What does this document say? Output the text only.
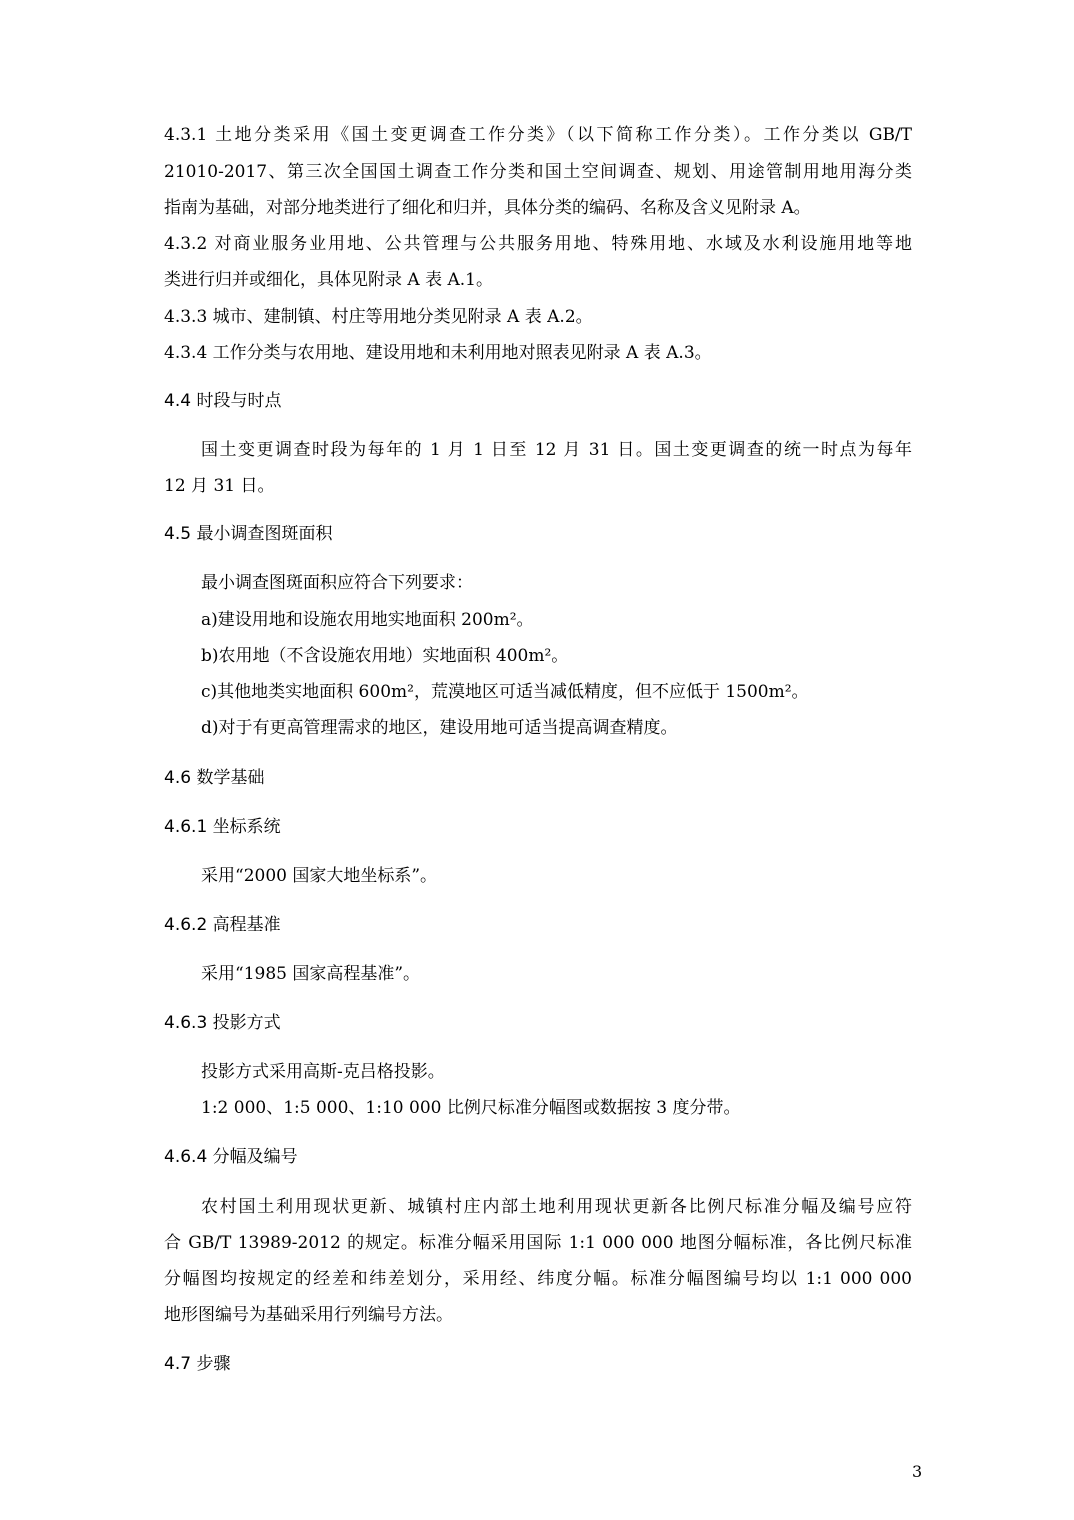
4.3.1 土地分类采用《国土变更调查工作分类》（以下简称工作分类）。工作分类以 GB/T
21010-2017、第三次全国国土调查工作分类和国土空间调查、规划、用途管制用地用海分类
指南为基础，对部分地类进行了细化和归并，具体分类的编码、名称及含义见附录 A。
4.3.2 对商业服务业用地、公共管理与公共服务用地、特殊用地、水域及水利设施用地等地
类进行归并或细化，具体见附录 A 表 A.1。
4.3.3 城市、建制镇、村庄等用地分类见附录 A 表 A.2。
4.3.4 工作分类与农用地、建设用地和未利用地对照表见附录 A 表 A.3。
4.4 时段与时点
国土变更调查时段为每年的 1 月 1 日至 12 月 31 日。国土变更调查的统一时点为每年
12 月 31 日。
4.5 最小调查图斑面积
最小调查图斑面积应符合下列要求：
a)建设用地和设施农用地实地面积 200m²。
b)农用地（不含设施农用地）实地面积 400m²。
c)其他地类实地面积 600m²，荒漠地区可适当减低精度，但不应低于 1500m²。
d)对于有更高管理需求的地区，建设用地可适当提高调查精度。
4.6 数学基础
4.6.1 坐标系统
采用“2000 国家大地坐标系”。
4.6.2 高程基准
采用“1985 国家高程基准”。
4.6.3 投影方式
投影方式采用高斯-克吕格投影。
1:2 000、1:5 000、1:10 000 比例尺标准分幅图或数据按 3 度分带。
4.6.4 分幅及编号
农村国土利用现状更新、城镇村庄内部土地利用现状更新各比例尺标准分幅及编号应符
合 GB/T 13989-2012 的规定。标准分幅采用国际 1:1 000 000 地图分幅标准，各比例尺标准
分幅图均按规定的经差和纬差划分，采用经、纬度分幅。标准分幅图编号均以 1:1 000 000
地形图编号为基础采用行列编号方法。
4.7 步骤
3
